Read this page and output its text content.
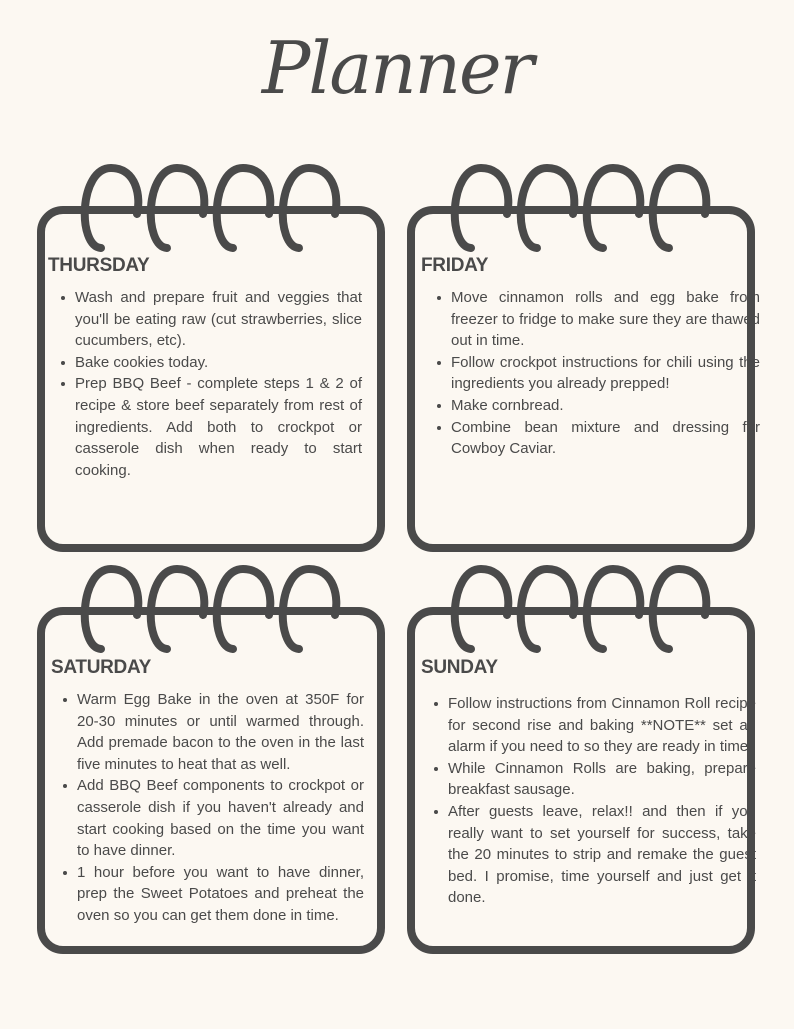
Planner
THURSDAY
Wash and prepare fruit and veggies that you'll be eating raw (cut strawberries, slice cucumbers, etc).
Bake cookies today.
Prep BBQ Beef - complete steps 1 & 2 of recipe & store beef separately from rest of ingredients. Add both to crockpot or casserole dish when ready to start cooking.
FRIDAY
Move cinnamon rolls and egg bake from freezer to fridge to make sure they are thawed out in time.
Follow crockpot instructions for chili using the ingredients you already prepped!
Make cornbread.
Combine bean mixture and dressing for Cowboy Caviar.
SATURDAY
Warm Egg Bake in the oven at 350F for 20-30 minutes or until warmed through. Add premade bacon to the oven in the last five minutes to heat that as well.
Add BBQ Beef components to crockpot or casserole dish if you haven't already and start cooking based on the time you want to have dinner.
1 hour before you want to have dinner, prep the Sweet Potatoes and preheat the oven so you can get them done in time.
SUNDAY
Follow instructions from Cinnamon Roll recipe for second rise and baking **NOTE** set an alarm if you need to so they are ready in time.
While Cinnamon Rolls are baking, prepare breakfast sausage.
After guests leave, relax!! and then if you really want to set yourself for success, take the 20 minutes to strip and remake the guest bed. I promise, time yourself and just get it done.
